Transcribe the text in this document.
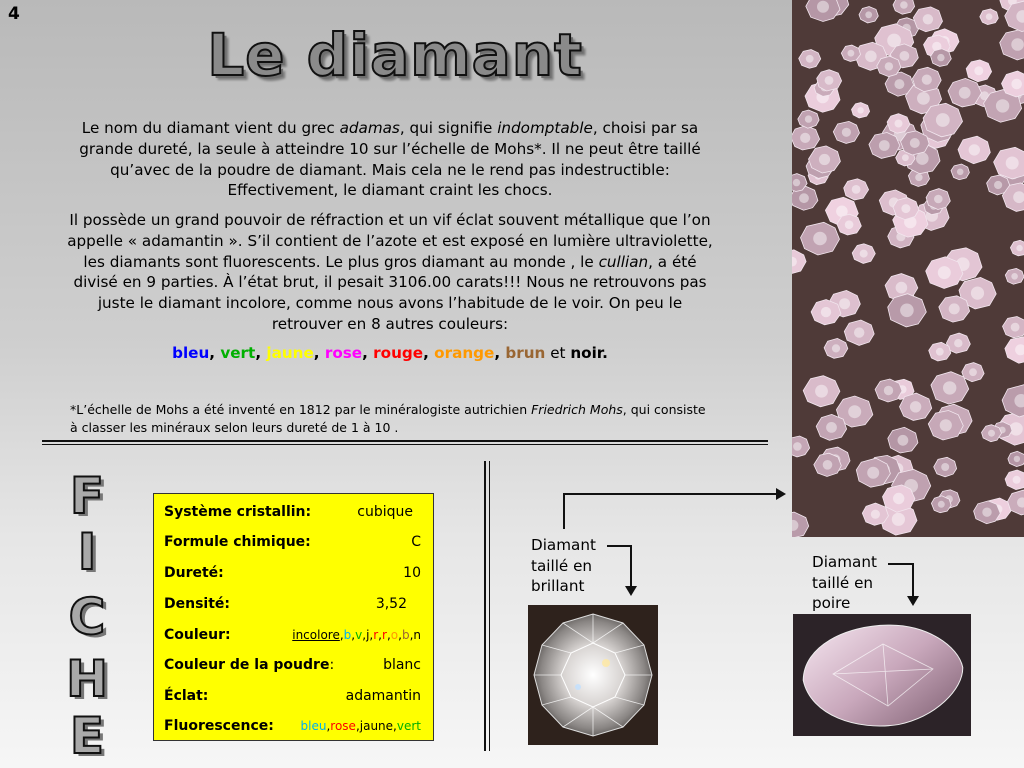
4
Le diamant
Le nom du diamant vient du grec adamas, qui signifie indomptable, choisi par sa grande dureté, la seule à atteindre 10 sur l’échelle de Mohs*. Il ne peut être taillé qu’avec de la poudre de diamant. Mais cela ne le rend pas indestructible: Effectivement, le diamant craint les chocs.
Il possède un grand pouvoir de réfraction et un vif éclat souvent métallique que l’on appelle « adamantin ». S’il contient de l’azote et est exposé en lumière ultraviolette, les diamants sont fluorescents. Le plus gros diamant au monde , le cullian, a été divisé en 9 parties. À l’état brut, il pesait 3106.00 carats!!! Nous ne retrouvons pas juste le diamant incolore, comme nous avons l’habitude de le voir. On peu le retrouver en 8 autres couleurs:
bleu, vert, jaune, rose, rouge, orange, brun et noir.
*L’échelle de Mohs a été inventé en 1812 par le minéralogiste autrichien Friedrich Mohs, qui consiste à classer les minéraux selon leurs dureté de 1 à 10 .
F
I
C
H
E
Système cristallin:	cubique
Formule chimique:	C
Dureté:	10
Densité:	3,52
Couleur:	incolore,b,v,j,r,r,o,b,n
Couleur de la poudre:	blanc
Éclat:	adamantin
Fluorescence: bleu,rose,jaune,vert
Diamant taillé en brillant
Diamant taillé en poire
